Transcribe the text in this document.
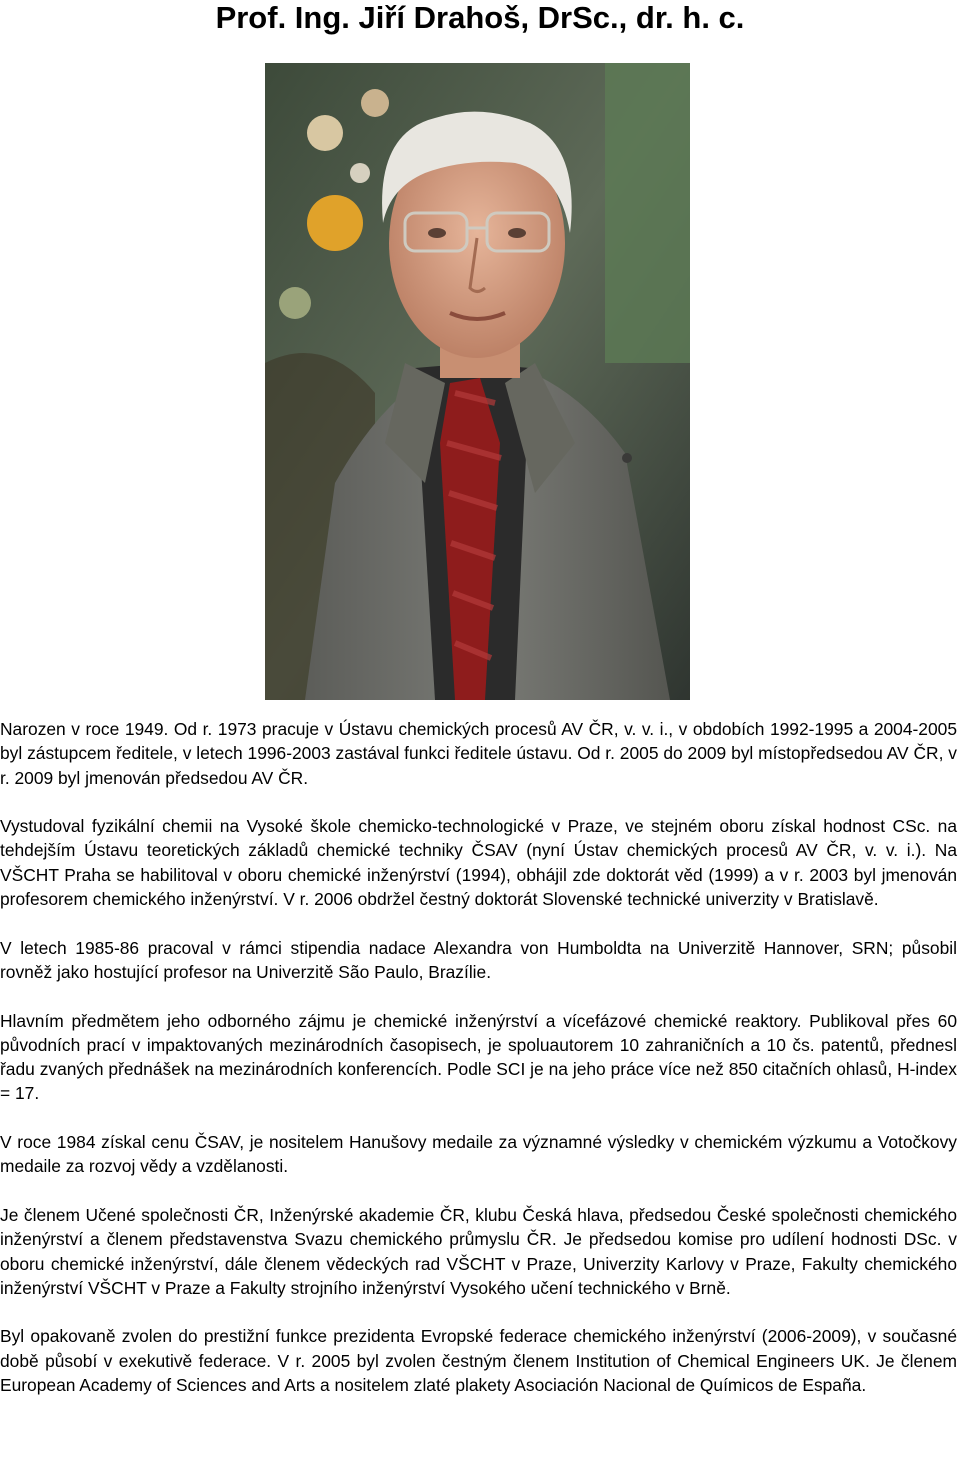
Prof. Ing. Jiří Drahoš, DrSc., dr. h. c.

Narozen v roce 1949. Od r. 1973 pracuje v Ústavu chemických procesů AV ČR, v. v. i., v obdobích 1992-1995 a 2004-2005 byl zástupcem ředitele, v letech 1996-2003 zastával funkci ředitele ústavu. Od r. 2005 do 2009 byl místopředsedou AV ČR, v r. 2009 byl jmenován předsedou AV ČR.

Vystudoval fyzikální chemii na Vysoké škole chemicko-technologické v Praze, ve stejném oboru získal hodnost CSc. na tehdejším Ústavu teoretických základů chemické techniky ČSAV (nyní Ústav chemických procesů AV ČR, v. v. i.). Na VŠCHT Praha se habilitoval v oboru chemické inženýrství (1994), obhájil zde doktorát věd (1999) a v r. 2003 byl jmenován profesorem chemického inženýrství. V r. 2006 obdržel čestný doktorát Slovenské technické univerzity v Bratislavě.

V letech 1985-86 pracoval v rámci stipendia nadace Alexandra von Humboldta na Univerzitě Hannover, SRN; působil rovněž jako hostující profesor na Univerzitě São Paulo, Brazílie.

Hlavním předmětem jeho odborného zájmu je chemické inženýrství a vícefázové chemické reaktory. Publikoval přes 60 původních prací v impaktovaných mezinárodních časopisech, je spoluautorem 10 zahraničních a 10 čs. patentů, přednesl řadu zvaných přednášek na mezinárodních konferencích. Podle SCI je na jeho práce více než 850 citačních ohlasů, H-index = 17.

V roce 1984 získal cenu ČSAV, je nositelem Hanušovy medaile za významné výsledky v chemickém výzkumu a Votočkovy medaile za rozvoj vědy a vzdělanosti.

Je členem Učené společnosti ČR, Inženýrské akademie ČR, klubu Česká hlava, předsedou České společnosti chemického inženýrství a členem představenstva Svazu chemického průmyslu ČR. Je předsedou komise pro udílení hodnosti DSc. v oboru chemické inženýrství, dále členem vědeckých rad VŠCHT v Praze, Univerzity Karlovy v Praze, Fakulty chemického inženýrství VŠCHT v Praze a Fakulty strojního inženýrství Vysokého učení technického v Brně.

Byl opakovaně zvolen do prestižní funkce prezidenta Evropské federace chemického inženýrství (2006-2009), v současné době působí v exekutivě federace. V r. 2005 byl zvolen čestným členem Institution of Chemical Engineers UK. Je členem European Academy of Sciences and Arts a nositelem zlaté plakety Asociación Nacional de Químicos de España.
